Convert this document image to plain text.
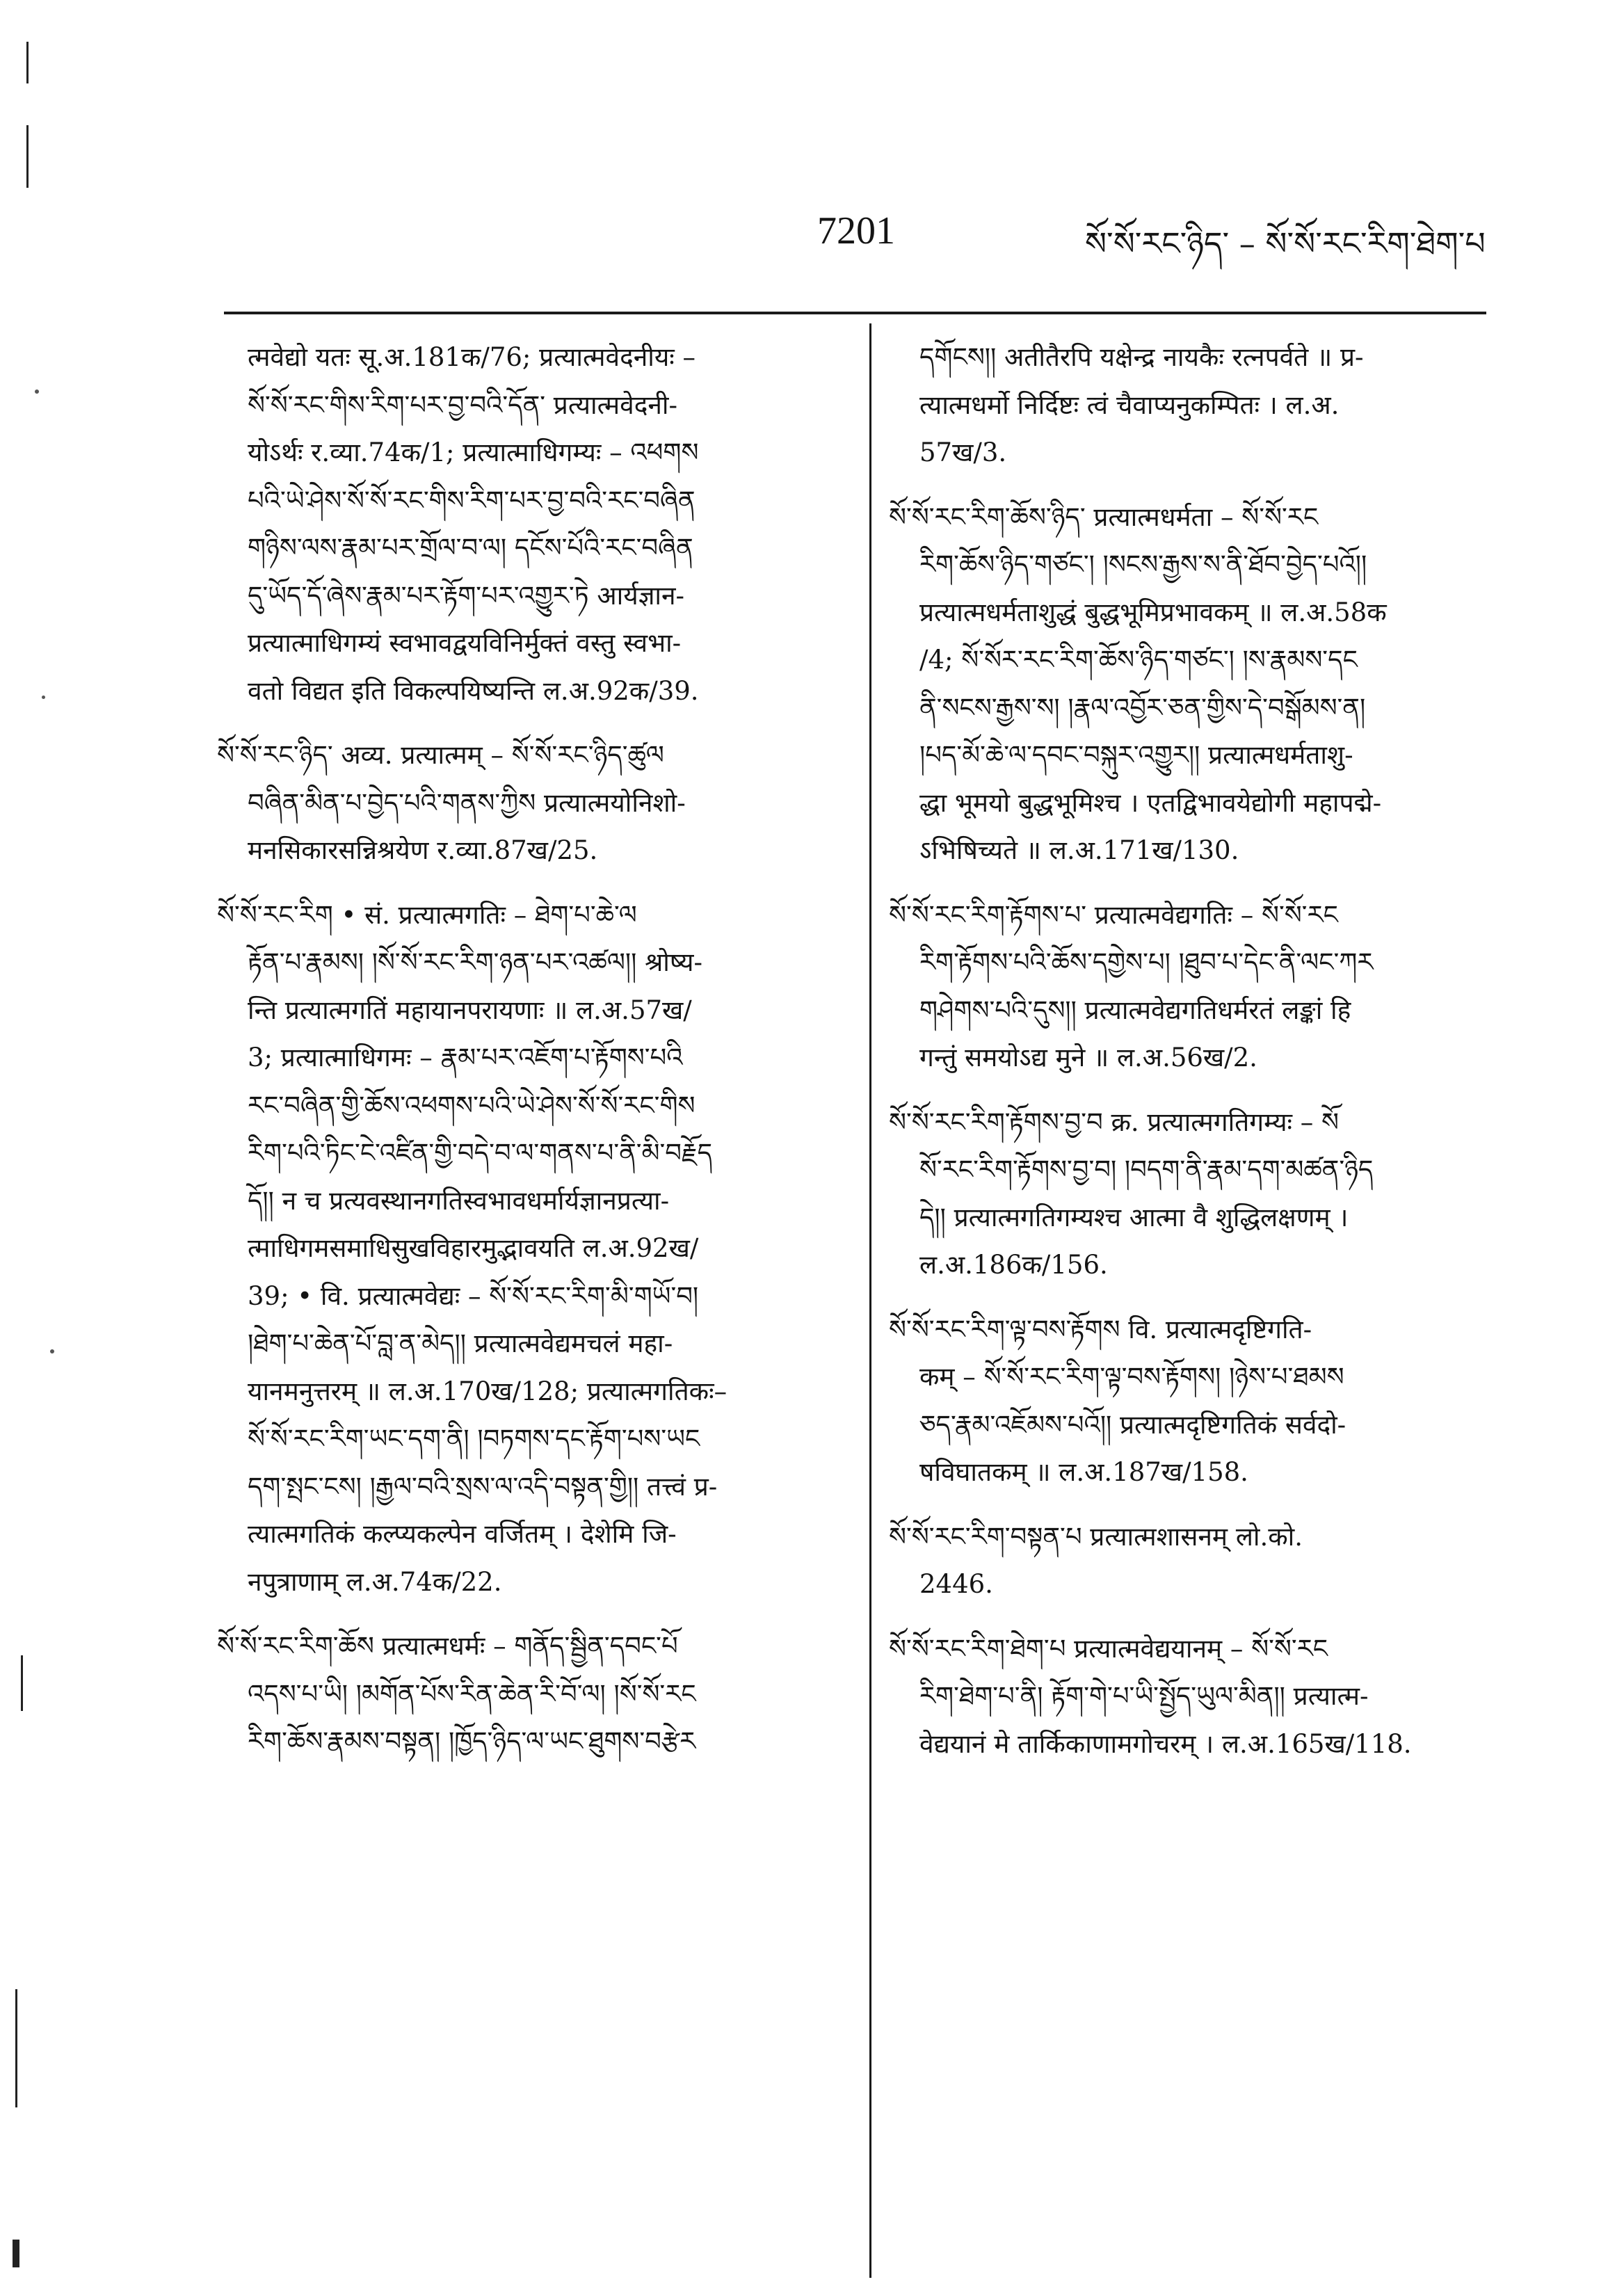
7201	སོ་སོ་རང་ཉིད་ – སོ་སོ་རང་རིག་ཐེག་པ
त्मवेद्यो यतः सू.अ.181क/76; प्रत्यात्मवेदनीयः –
སོ་སོ་རང་གིས་རིག་པར་བྱ་བའི་དོན་ प्रत्यात्मवेदनी-
योऽर्थः र.व्या.74क/1; प्रत्यात्माधिगम्यः – འཕགས
པའི་ཡེ་ཤེས་སོ་སོ་རང་གིས་རིག་པར་བྱ་བའི་རང་བཞིན
གཉིས་ལས་རྣམ་པར་གྲོལ་བ་ལ། དངོས་པོའི་རང་བཞིན
དུ་ཡོད་དོ་ཞེས་རྣམ་པར་རྟོག་པར་འགྱུར་ཏེ आर्यज्ञान-
प्रत्यात्माधिगम्यं स्वभावद्वयविनिर्मुक्तं वस्तु स्वभा-
वतो विद्यत इति विकल्पयिष्यन्ति ल.अ.92क/39.
སོ་སོ་རང་ཉིད་ अव्य. प्रत्यात्मम् – སོ་སོ་རང་ཉིད་ཚུལ
བཞིན་མིན་པ་བྱེད་པའི་གནས་ཀྱིས प्रत्यात्मयोनिशो-
मनसिकारसन्निश्रयेण र.व्या.87ख/25.
སོ་སོ་རང་རིག • सं. प्रत्यात्मगतिः – ཐེག་པ་ཆེ་ལ
རྟོན་པ་རྣམས། །སོ་སོ་རང་རིག་ཉན་པར་འཚལ།། श्रोष्य-
न्ति प्रत्यात्मगतिं महायानपरायणाः ॥ ल.अ.57ख/
3; प्रत्यात्माधिगमः – རྣམ་པར་འཇོག་པ་རྟོགས་པའི
རང་བཞིན་གྱི་ཆོས་འཕགས་པའི་ཡེ་ཤེས་སོ་སོ་རང་གིས
རིག་པའི་ཏིང་ངེ་འཛིན་གྱི་བདེ་བ་ལ་གནས་པ་ནི་མི་བརྗོད
དོ།། न च प्रत्यवस्थानगतिस्वभावधर्मार्यज्ञानप्रत्या-
त्माधिगमसमाधिसुखविहारमुद्भावयति ल.अ.92ख/
39; • वि. प्रत्यात्मवेद्यः – སོ་སོ་རང་རིག་མི་གཡོ་བ།
།ཐེག་པ་ཆེན་པོ་བླ་ན་མེད།། प्रत्यात्मवेद्यमचलं महा-
यानमनुत्तरम् ॥ ल.अ.170ख/128; प्रत्यात्मगतिकः–
སོ་སོ་རང་རིག་ཡང་དག་ནི། །བཏགས་དང་རྟོག་པས་ཡང
དག་སྤང་ངས། །རྒྱལ་བའི་སྲས་ལ་འདི་བསྟན་གྱི།། तत्त्वं प्र-
त्यात्मगतिकं कल्प्यकल्पेन वर्जितम् । देशेमि जि-
नपुत्राणाम् ल.अ.74क/22.
སོ་སོ་རང་རིག་ཆོས प्रत्यात्मधर्मः – གནོད་སྦྱིན་དབང་པོ
འདས་པ་ཡི། །མགོན་པོས་རིན་ཆེན་རི་བོ་ལ། །སོ་སོ་རང
རིག་ཆོས་རྣམས་བསྟན། །ཁྱོད་ཉིད་ལ་ཡང་ཐུགས་བརྩེར
དགོངས།། अतीतैरपि यक्षेन्द्र नायकैः रत्नपर्वते ॥ प्र-
त्यात्मधर्मो निर्दिष्टः त्वं चैवाप्यनुकम्पितः । ल.अ.
57ख/3.
སོ་སོ་རང་རིག་ཆོས་ཉིད་ प्रत्यात्मधर्मता – སོ་སོ་རང
རིག་ཆོས་ཉིད་གཙང་། །སངས་རྒྱས་ས་ནི་ཐོབ་བྱེད་པའོ།།
प्रत्यात्मधर्मताशुद्धं बुद्धभूमिप्रभावकम् ॥ ल.अ.58क
/4; སོ་སོར་རང་རིག་ཆོས་ཉིད་གཙང་། །ས་རྣམས་དང
ནི་སངས་རྒྱས་ས། །རྣལ་འབྱོར་ཅན་གྱིས་དེ་བསྒོམས་ན།
།པད་མོ་ཆེ་ལ་དབང་བསྐུར་འགྱུར།། प्रत्यात्मधर्मताशु-
द्धा भूमयो बुद्धभूमिश्च । एतद्विभावयेद्योगी महापद्मे-
ऽभिषिच्यते ॥ ल.अ.171ख/130.
སོ་སོ་རང་རིག་རྟོགས་པ་ प्रत्यात्मवेद्यगतिः – སོ་སོ་རང
རིག་རྟོགས་པའི་ཆོས་དགྱེས་པ། །ཐུབ་པ་དེང་ནི་ལང་ཀར
གཤེགས་པའི་དུས།། प्रत्यात्मवेद्यगतिधर्मरतं लङ्कां हि
गन्तुं समयोऽद्य मुने ॥ ल.अ.56ख/2.
སོ་སོ་རང་རིག་རྟོགས་བྱ་བ क्र. प्रत्यात्मगतिगम्यः – སོ
སོ་རང་རིག་རྟོགས་བྱ་བ། །བདག་ནི་རྣམ་དག་མཚན་ཉིད
དེ།། प्रत्यात्मगतिगम्यश्च आत्मा वै शुद्धिलक्षणम् ।
ल.अ.186क/156.
སོ་སོ་རང་རིག་ལྟ་བས་རྟོགས वि. प्रत्यात्मदृष्टिगति-
कम् – སོ་སོ་རང་རིག་ལྟ་བས་རྟོགས། །ཉེས་པ་ཐམས
ཅད་རྣམ་འཇོམས་པའོ།། प्रत्यात्मदृष्टिगतिकं सर्वदो-
षविघातकम् ॥ ल.अ.187ख/158.
སོ་སོ་རང་རིག་བསྟན་པ प्रत्यात्मशासनम् लो.को.
2446.
སོ་སོ་རང་རིག་ཐེག་པ प्रत्यात्मवेद्ययानम् – སོ་སོ་རང
རིག་ཐེག་པ་ནི། རྟོག་གེ་པ་ཡི་སྤྱོད་ཡུལ་མིན།། प्रत्यात्म-
वेद्ययानं मे तार्किकाणामगोचरम् । ल.अ.165ख/118.
